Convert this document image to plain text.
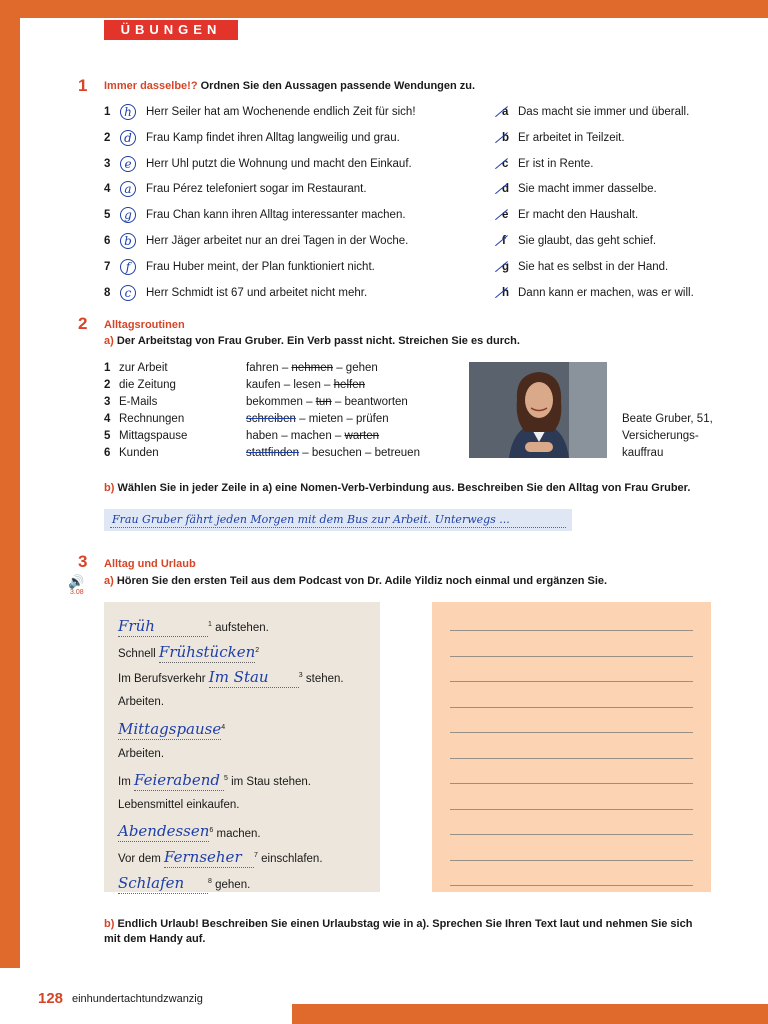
ÜBUNGEN
1 Immer dasselbe!? Ordnen Sie den Aussagen passende Wendungen zu.
1	h	Herr Seiler hat am Wochenende endlich Zeit für sich!	a Das macht sie immer und überall.
2	d	Frau Kamp findet ihren Alltag langweilig und grau.	b Er arbeitet in Teilzeit.
3	e	Herr Uhl putzt die Wohnung und macht den Einkauf.	c Er ist in Rente.
4	a	Frau Pérez telefoniert sogar im Restaurant.	d Sie macht immer dasselbe.
5	g	Frau Chan kann ihren Alltag interessanter machen.	e Er macht den Haushalt.
6	b	Herr Jäger arbeitet nur an drei Tagen in der Woche.	f Sie glaubt, das geht schief.
7	f	Frau Huber meint, der Plan funktioniert nicht.	g Sie hat es selbst in der Hand.
8	c	Herr Schmidt ist 67 und arbeitet nicht mehr.	h Dann kann er machen, was er will.
2 Alltagsroutinen
a) Der Arbeitstag von Frau Gruber. Ein Verb passt nicht. Streichen Sie es durch.
1 zur Arbeit	fahren – nehmen – gehen
2 die Zeitung	kaufen – lesen – helfen
3 E-Mails	bekommen – tun – beantworten
4 Rechnungen	schreiben – mieten – prüfen
5 Mittagspause	haben – machen – warten
6 Kunden	stattfinden – besuchen – betreuen
Beate Gruber, 51,
Versicherungs-
kauffrau
b) Wählen Sie in jeder Zeile in a) eine Nomen-Verb-Verbindung aus. Beschreiben Sie den Alltag von Frau Gruber.
Frau Gruber fährt jeden Morgen mit dem Bus zur Arbeit. Unterwegs ...
3 Alltag und Urlaub
🔊
3.08
a) Hören Sie den ersten Teil aus dem Podcast von Dr. Adile Yildiz noch einmal und ergänzen Sie.
Früh	$^1$ aufstehen.
Schnell Frühstücken$^2$
Im Berufsverkehr Im Stau	$^3$ stehen.
Arbeiten.
Mittagspause$^4$
Arbeiten.
Im Feierabend $^5$ im Stau stehen.
Lebensmittel einkaufen.
Abendessen$^6$ machen.
Vor dem Fernseher $^7$ einschlafen.
Schlafen	$^8$ gehen.
b) Endlich Urlaub! Beschreiben Sie einen Urlaubstag wie in a). Sprechen Sie Ihren Text laut und nehmen Sie sich mit dem Handy auf.
128 einhundertachtundzwanzig
